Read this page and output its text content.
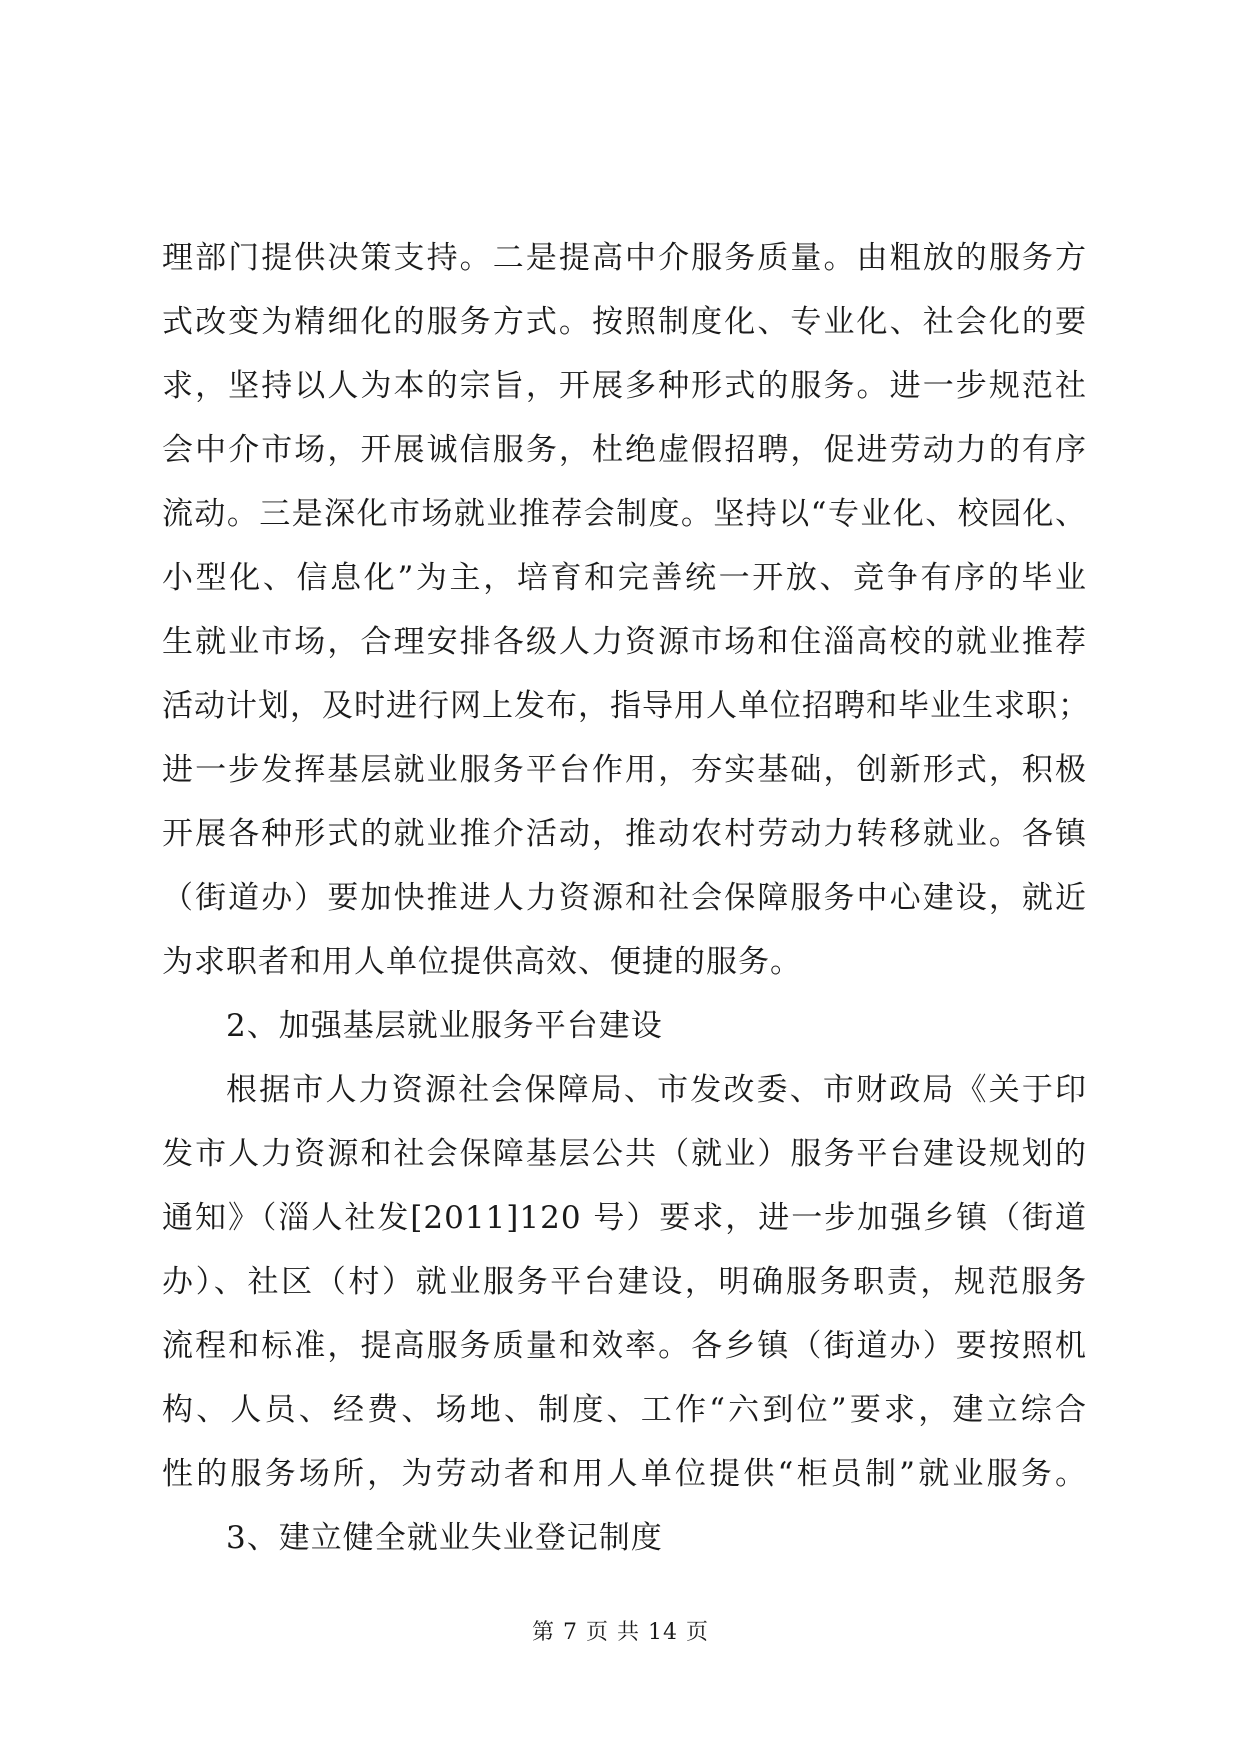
理部门提供决策支持。二是提高中介服务质量。由粗放的服务方
式改变为精细化的服务方式。按照制度化、专业化、社会化的要
求，坚持以人为本的宗旨，开展多种形式的服务。进一步规范社
会中介市场，开展诚信服务，杜绝虚假招聘，促进劳动力的有序
流动。三是深化市场就业推荐会制度。坚持以“专业化、校园化、
小型化、信息化”为主，培育和完善统一开放、竞争有序的毕业
生就业市场，合理安排各级人力资源市场和住淄高校的就业推荐
活动计划，及时进行网上发布，指导用人单位招聘和毕业生求职；
进一步发挥基层就业服务平台作用，夯实基础，创新形式，积极
开展各种形式的就业推介活动，推动农村劳动力转移就业。各镇
（街道办）要加快推进人力资源和社会保障服务中心建设，就近
为求职者和用人单位提供高效、便捷的服务。
2、加强基层就业服务平台建设
根据市人力资源社会保障局、市发改委、市财政局《关于印
发市人力资源和社会保障基层公共（就业）服务平台建设规划的
通知》（淄人社发[2011]120 号）要求，进一步加强乡镇（街道
办）、社区（村）就业服务平台建设，明确服务职责，规范服务
流程和标准，提高服务质量和效率。各乡镇（街道办）要按照机
构、人员、经费、场地、制度、工作“六到位”要求，建立综合
性的服务场所，为劳动者和用人单位提供“柜员制”就业服务。
3、建立健全就业失业登记制度
第 7 页 共 14 页
